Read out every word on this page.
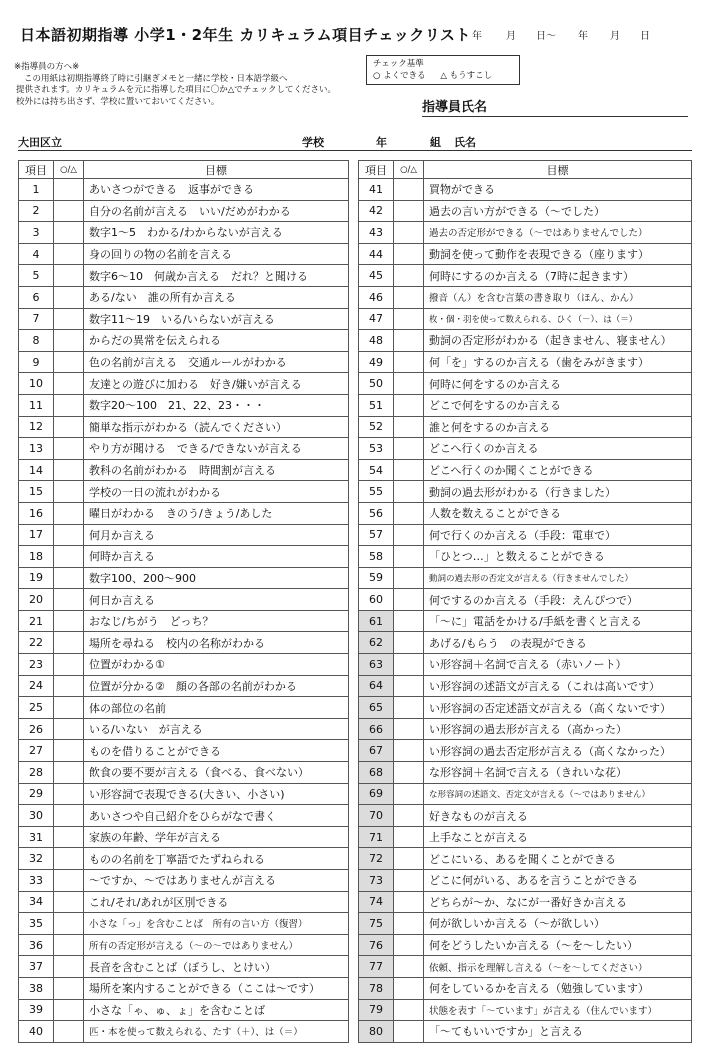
日本語初期指導 小学1・2年生 カリキュラム項目チェックリスト 年 月 日～ 年 月 日
※指導員の方へ※
この用紙は初期指導終了時に引継ぎメモと一緒に学校・日本語学級へ
提供されます。カリキュラムを元に指導した項目に〇か△でチェックしてください。
校外には持ち出さず、学校に置いておいてください。
チェック基準
○ よくできる △ もうすこし
指導員氏名
大田区立	学校	年	組 氏名
項目	○/△	目標
1		あいさつができる　返事ができる
2		自分の名前が言える　いい/だめがわかる
3		数字1～5　わかる/わからないが言える
4		身の回りの物の名前を言える
5		数字6～10　何歳か言える　だれ？と聞ける
6		ある/ない　誰の所有か言える
7		数字11～19　いる/いらないが言える
8		からだの異常を伝えられる
9		色の名前が言える　交通ルールがわかる
10		友達との遊びに加わる　好き/嫌いが言える
11		数字20～100　21、22、23・・・
12		簡単な指示がわかる（読んでください）
13		やり方が聞ける　できる/できないが言える
14		教科の名前がわかる　時間割が言える
15		学校の一日の流れがわかる
16		曜日がわかる　きのう/きょう/あした
17		何月か言える
18		何時か言える
19		数字100、200～900
20		何日か言える
21		おなじ/ちがう　どっち？
22		場所を尋ねる　校内の名称がわかる
23		位置がわかる①
24		位置が分かる②　顔の各部の名前がわかる
25		体の部位の名前
26		いる/いない　が言える
27		ものを借りることができる
28		飲食の要不要が言える（食べる、食べない）
29		い形容詞で表現できる(大きい、小さい)
30		あいさつや自己紹介をひらがなで書く
31		家族の年齢、学年が言える
32		ものの名前を丁寧語でたずねられる
33		～ですか、～ではありませんが言える
34		これ/それ/あれが区別できる
35		小さな「っ」を含むことば　所有の言い方（復習）
36		所有の否定形が言える（～の～ではありません）
37		長音を含むことば（ぼうし、とけい）
38		場所を案内することができる（ここは～です）
39		小さな「ゃ、ゅ、ょ」を含むことば
40		匹・本を使って数えられる、たす（＋）、は（＝）
項目	○/△	目標
41		買物ができる
42		過去の言い方ができる（～でした）
43		過去の否定形ができる（～ではありませんでした）
44		動詞を使って動作を表現できる（座ります）
45		何時にするのか言える（7時に起きます）
46		撥音（ん）を含む言葉の書き取り（ほん、かん）
47		枚・個・羽を使って数えられる、ひく（－）、は（＝）
48		動詞の否定形がわかる（起きません、寝ません）
49		何「を」するのか言える（歯をみがきます）
50		何時に何をするのか言える
51		どこで何をするのか言える
52		誰と何をするのか言える
53		どこへ行くのか言える
54		どこへ行くのか聞くことができる
55		動詞の過去形がわかる（行きました）
56		人数を数えることができる
57		何で行くのか言える（手段：電車で）
58		「ひとつ…」と数えることができる
59		動詞の過去形の否定文が言える（行きませんでした）
60		何でするのか言える（手段：えんぴつで）
61		「～に」電話をかける/手紙を書くと言える
62		あげる/もらう　の表現ができる
63		い形容詞＋名詞で言える（赤いノート）
64		い形容詞の述語文が言える（これは高いです）
65		い形容詞の否定述語文が言える（高くないです）
66		い形容詞の過去形が言える（高かった）
67		い形容詞の過去否定形が言える（高くなかった）
68		な形容詞＋名詞で言える（きれいな花）
69		な形容詞の述語文、否定文が言える（～ではありません）
70		好きなものが言える
71		上手なことが言える
72		どこにいる、あるを聞くことができる
73		どこに何がいる、あるを言うことができる
74		どちらが～か、なにが一番好きか言える
75		何が欲しいか言える（～が欲しい）
76		何をどうしたいか言える（～を～したい）
77		依頼、指示を理解し言える（～を～してください）
78		何をしているかを言える（勉強しています）
79		状態を表す「～ています」が言える（住んでいます）
80		「～てもいいですか」と言える
